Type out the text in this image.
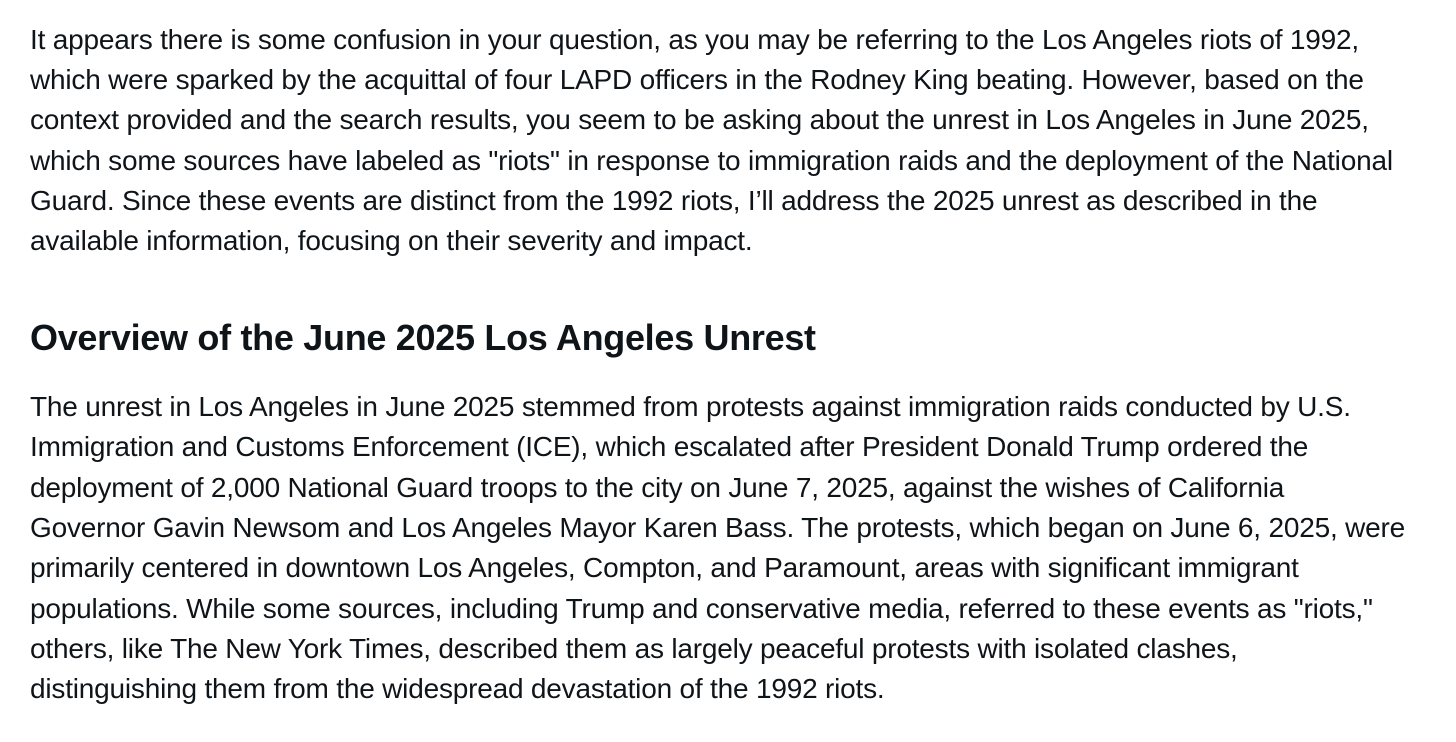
It appears there is some confusion in your question, as you may be referring to the Los Angeles riots of 1992,
which were sparked by the acquittal of four LAPD officers in the Rodney King beating. However, based on the
context provided and the search results, you seem to be asking about the unrest in Los Angeles in June 2025,
which some sources have labeled as "riots" in response to immigration raids and the deployment of the National
Guard. Since these events are distinct from the 1992 riots, I’ll address the 2025 unrest as described in the
available information, focusing on their severity and impact.
Overview of the June 2025 Los Angeles Unrest
The unrest in Los Angeles in June 2025 stemmed from protests against immigration raids conducted by U.S.
Immigration and Customs Enforcement (ICE), which escalated after President Donald Trump ordered the
deployment of 2,000 National Guard troops to the city on June 7, 2025, against the wishes of California
Governor Gavin Newsom and Los Angeles Mayor Karen Bass. The protests, which began on June 6, 2025, were
primarily centered in downtown Los Angeles, Compton, and Paramount, areas with significant immigrant
populations. While some sources, including Trump and conservative media, referred to these events as "riots,"
others, like The New York Times, described them as largely peaceful protests with isolated clashes,
distinguishing them from the widespread devastation of the 1992 riots.
